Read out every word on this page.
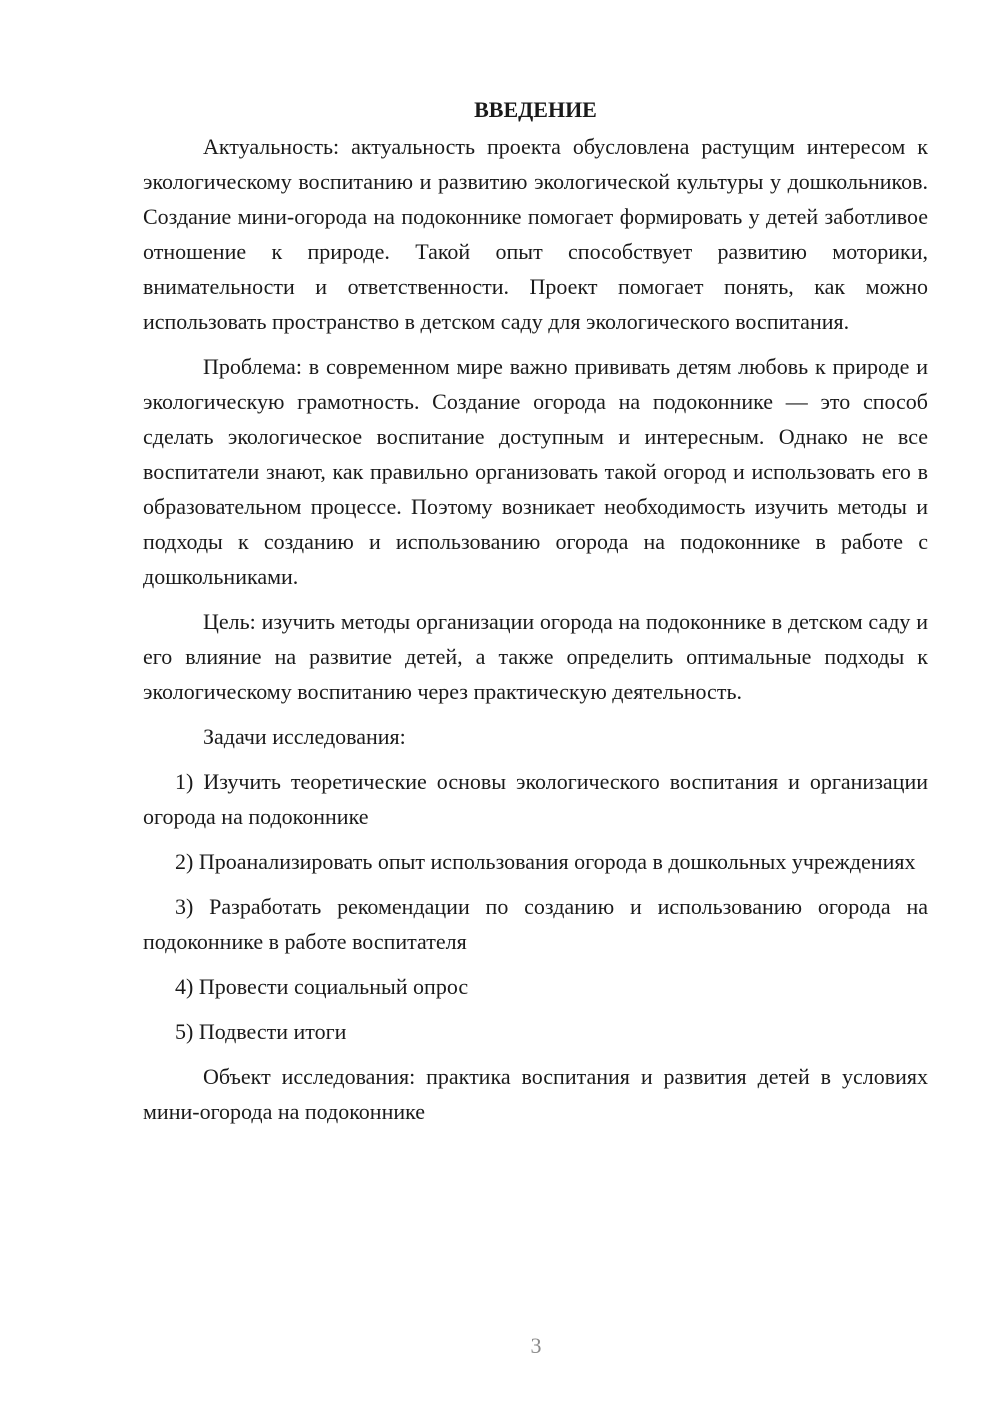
ВВЕДЕНИЕ

Актуальность: актуальность проекта обусловлена растущим интересом к экологическому воспитанию и развитию экологической культуры у дошкольников. Создание мини-огорода на подоконнике помогает формировать у детей заботливое отношение к природе. Такой опыт способствует развитию моторики, внимательности и ответственности. Проект помогает понять, как можно использовать пространство в детском саду для экологического воспитания.

Проблема: в современном мире важно прививать детям любовь к природе и экологическую грамотность. Создание огорода на подоконнике — это способ сделать экологическое воспитание доступным и интересным. Однако не все воспитатели знают, как правильно организовать такой огород и использовать его в образовательном процессе. Поэтому возникает необходимость изучить методы и подходы к созданию и использованию огорода на подоконнике в работе с дошкольниками.

Цель: изучить методы организации огорода на подоконнике в детском саду и его влияние на развитие детей, а также определить оптимальные подходы к экологическому воспитанию через практическую деятельность.

Задачи исследования:

1) Изучить теоретические основы экологического воспитания и организации огорода на подоконнике

2) Проанализировать опыт использования огорода в дошкольных учреждениях

3) Разработать рекомендации по созданию и использованию огорода на подоконнике в работе воспитателя

4) Провести социальный опрос

5) Подвести итоги

Объект исследования: практика воспитания и развития детей в условиях мини-огорода на подоконнике

3
